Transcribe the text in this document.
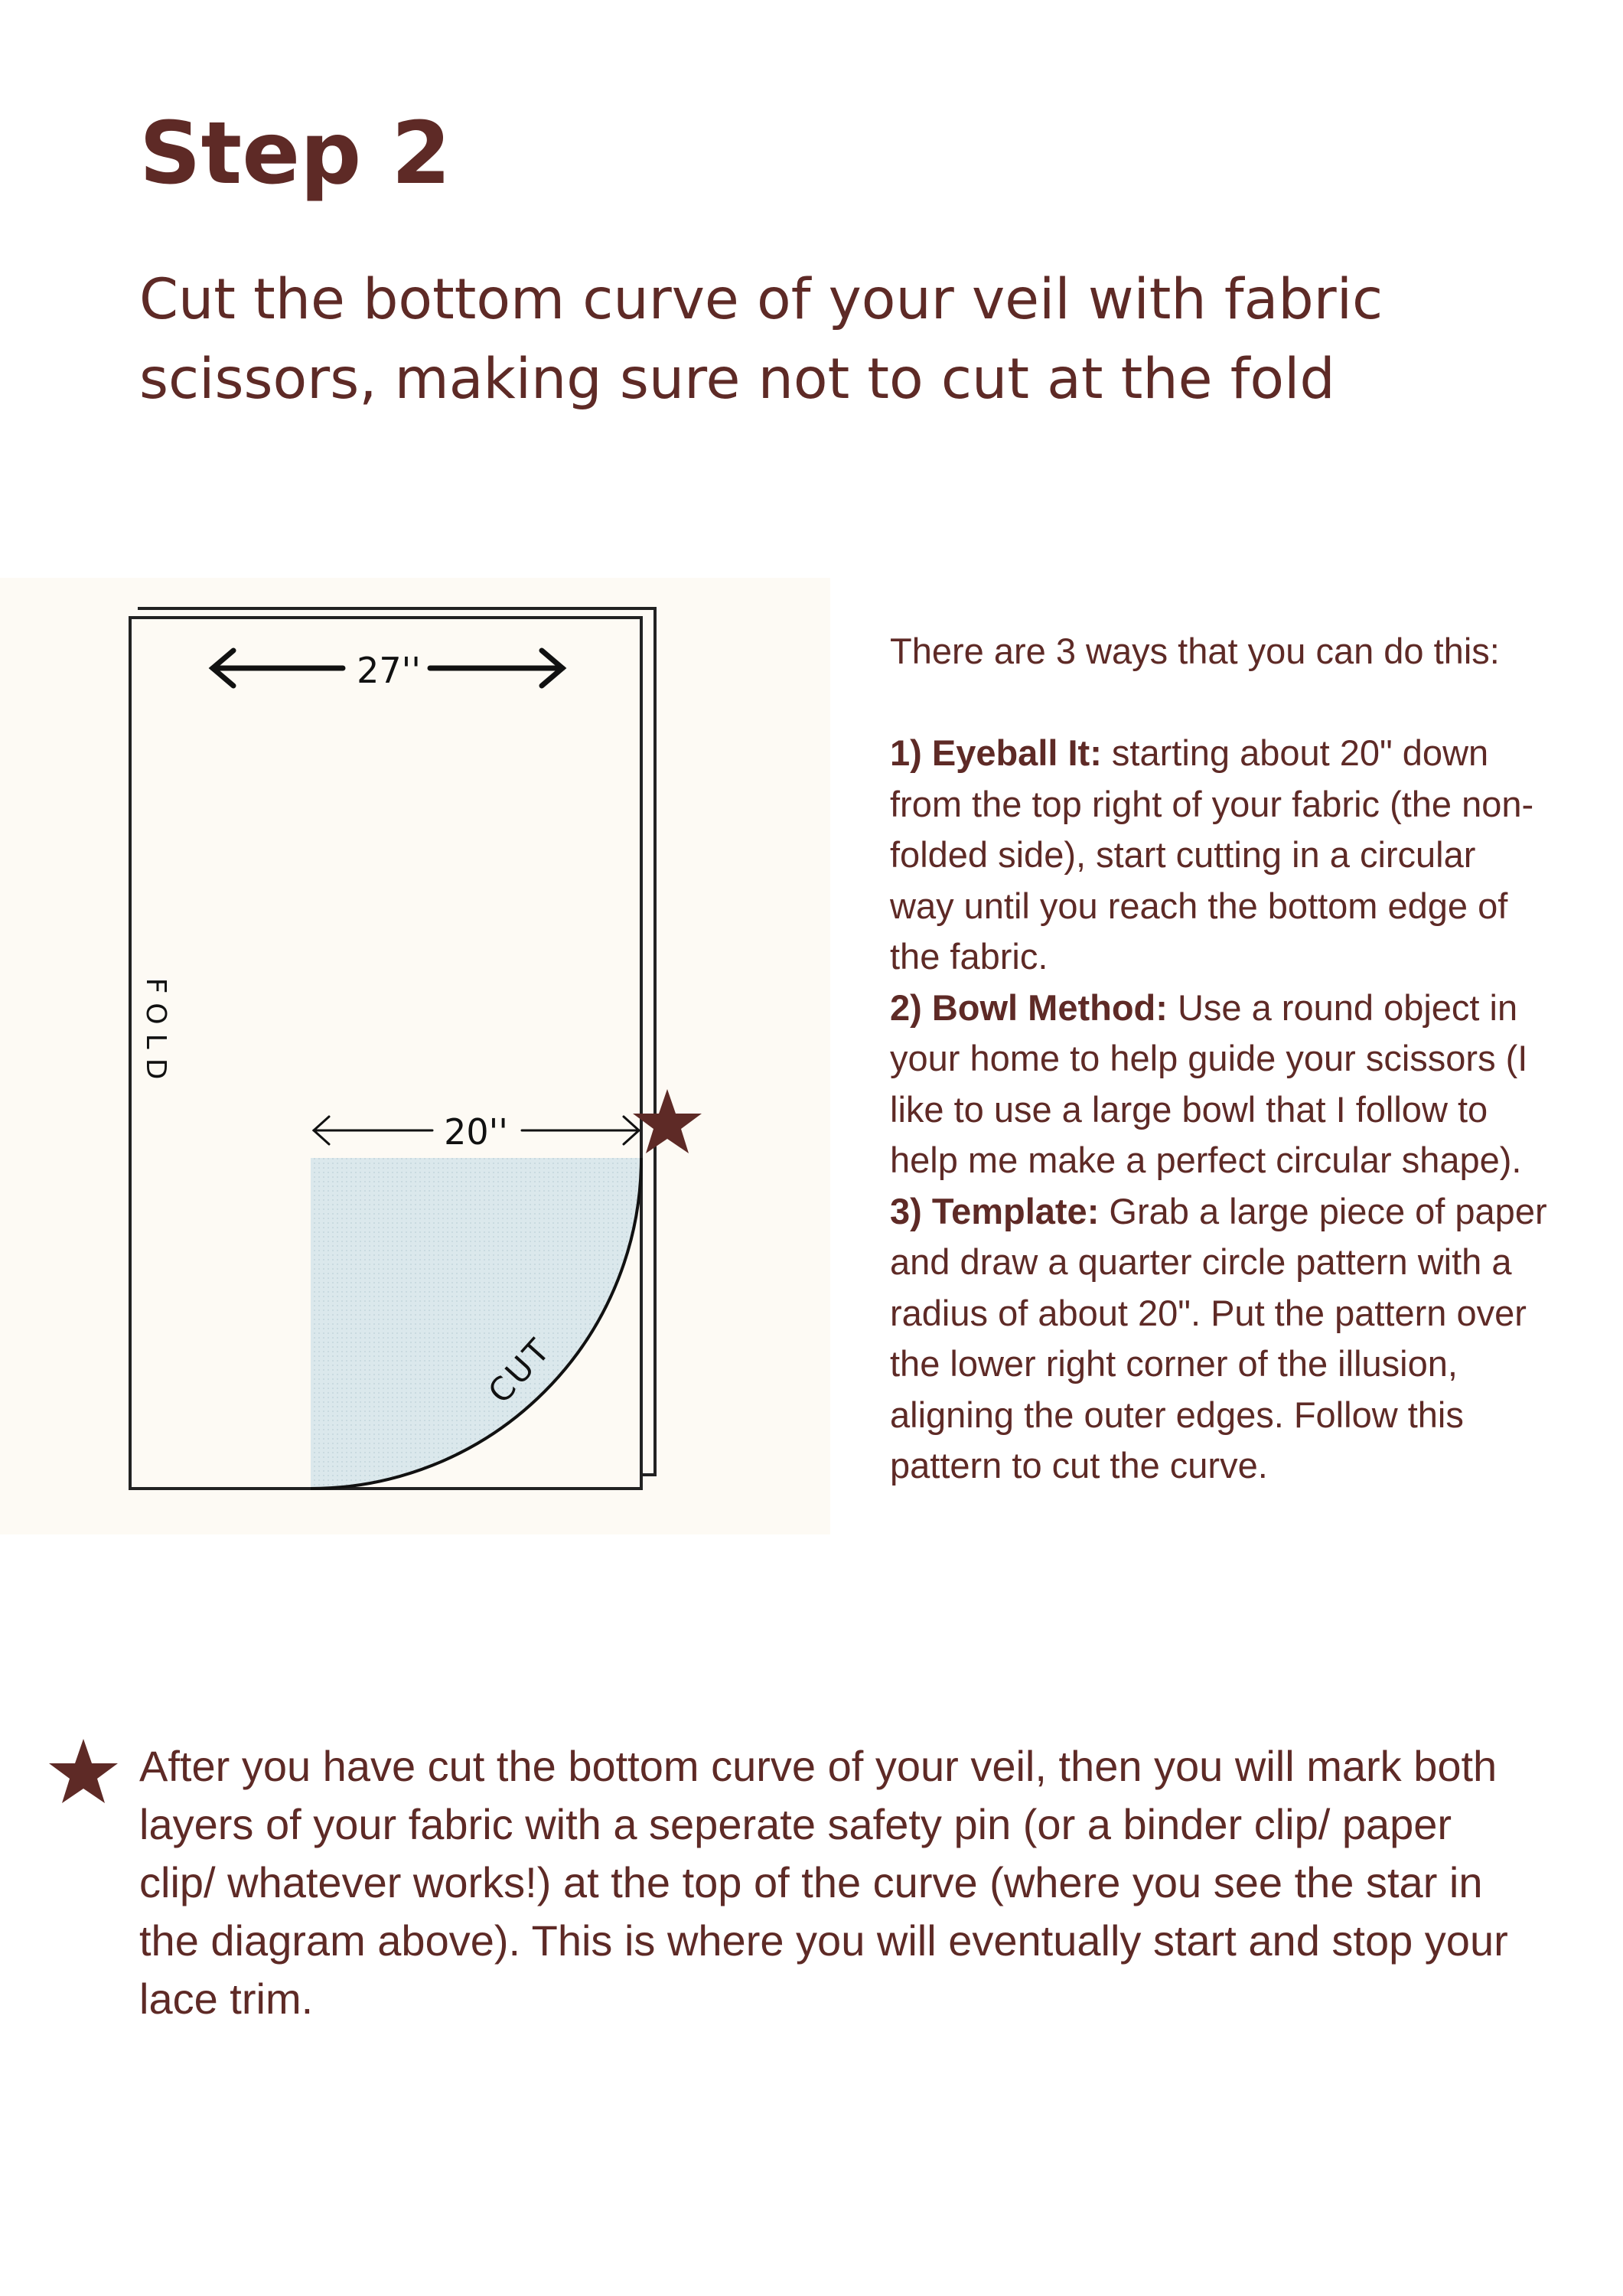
Step 2
Cut the bottom curve of your veil with fabric scissors, making sure not to cut at the fold
27''
20''
FOLD
CUT

There are 3 ways that you can do this:

1) Eyeball It: starting about 20" down from the top right of your fabric (the non-folded side), start cutting in a circular way until you reach the bottom edge of the fabric.

2) Bowl Method: Use a round object in your home to help guide your scissors (I like to use a large bowl that I follow to help me make a perfect circular shape).

3) Template: Grab a large piece of paper and draw a quarter circle pattern with a radius of about 20". Put the pattern over the lower right corner of the illusion, aligning the outer edges. Follow this pattern to cut the curve.

After you have cut the bottom curve of your veil, then you will mark both layers of your fabric with a seperate safety pin (or a binder clip/ paper clip/ whatever works!) at the top of the curve (where you see the star in the diagram above). This is where you will eventually start and stop your lace trim.
